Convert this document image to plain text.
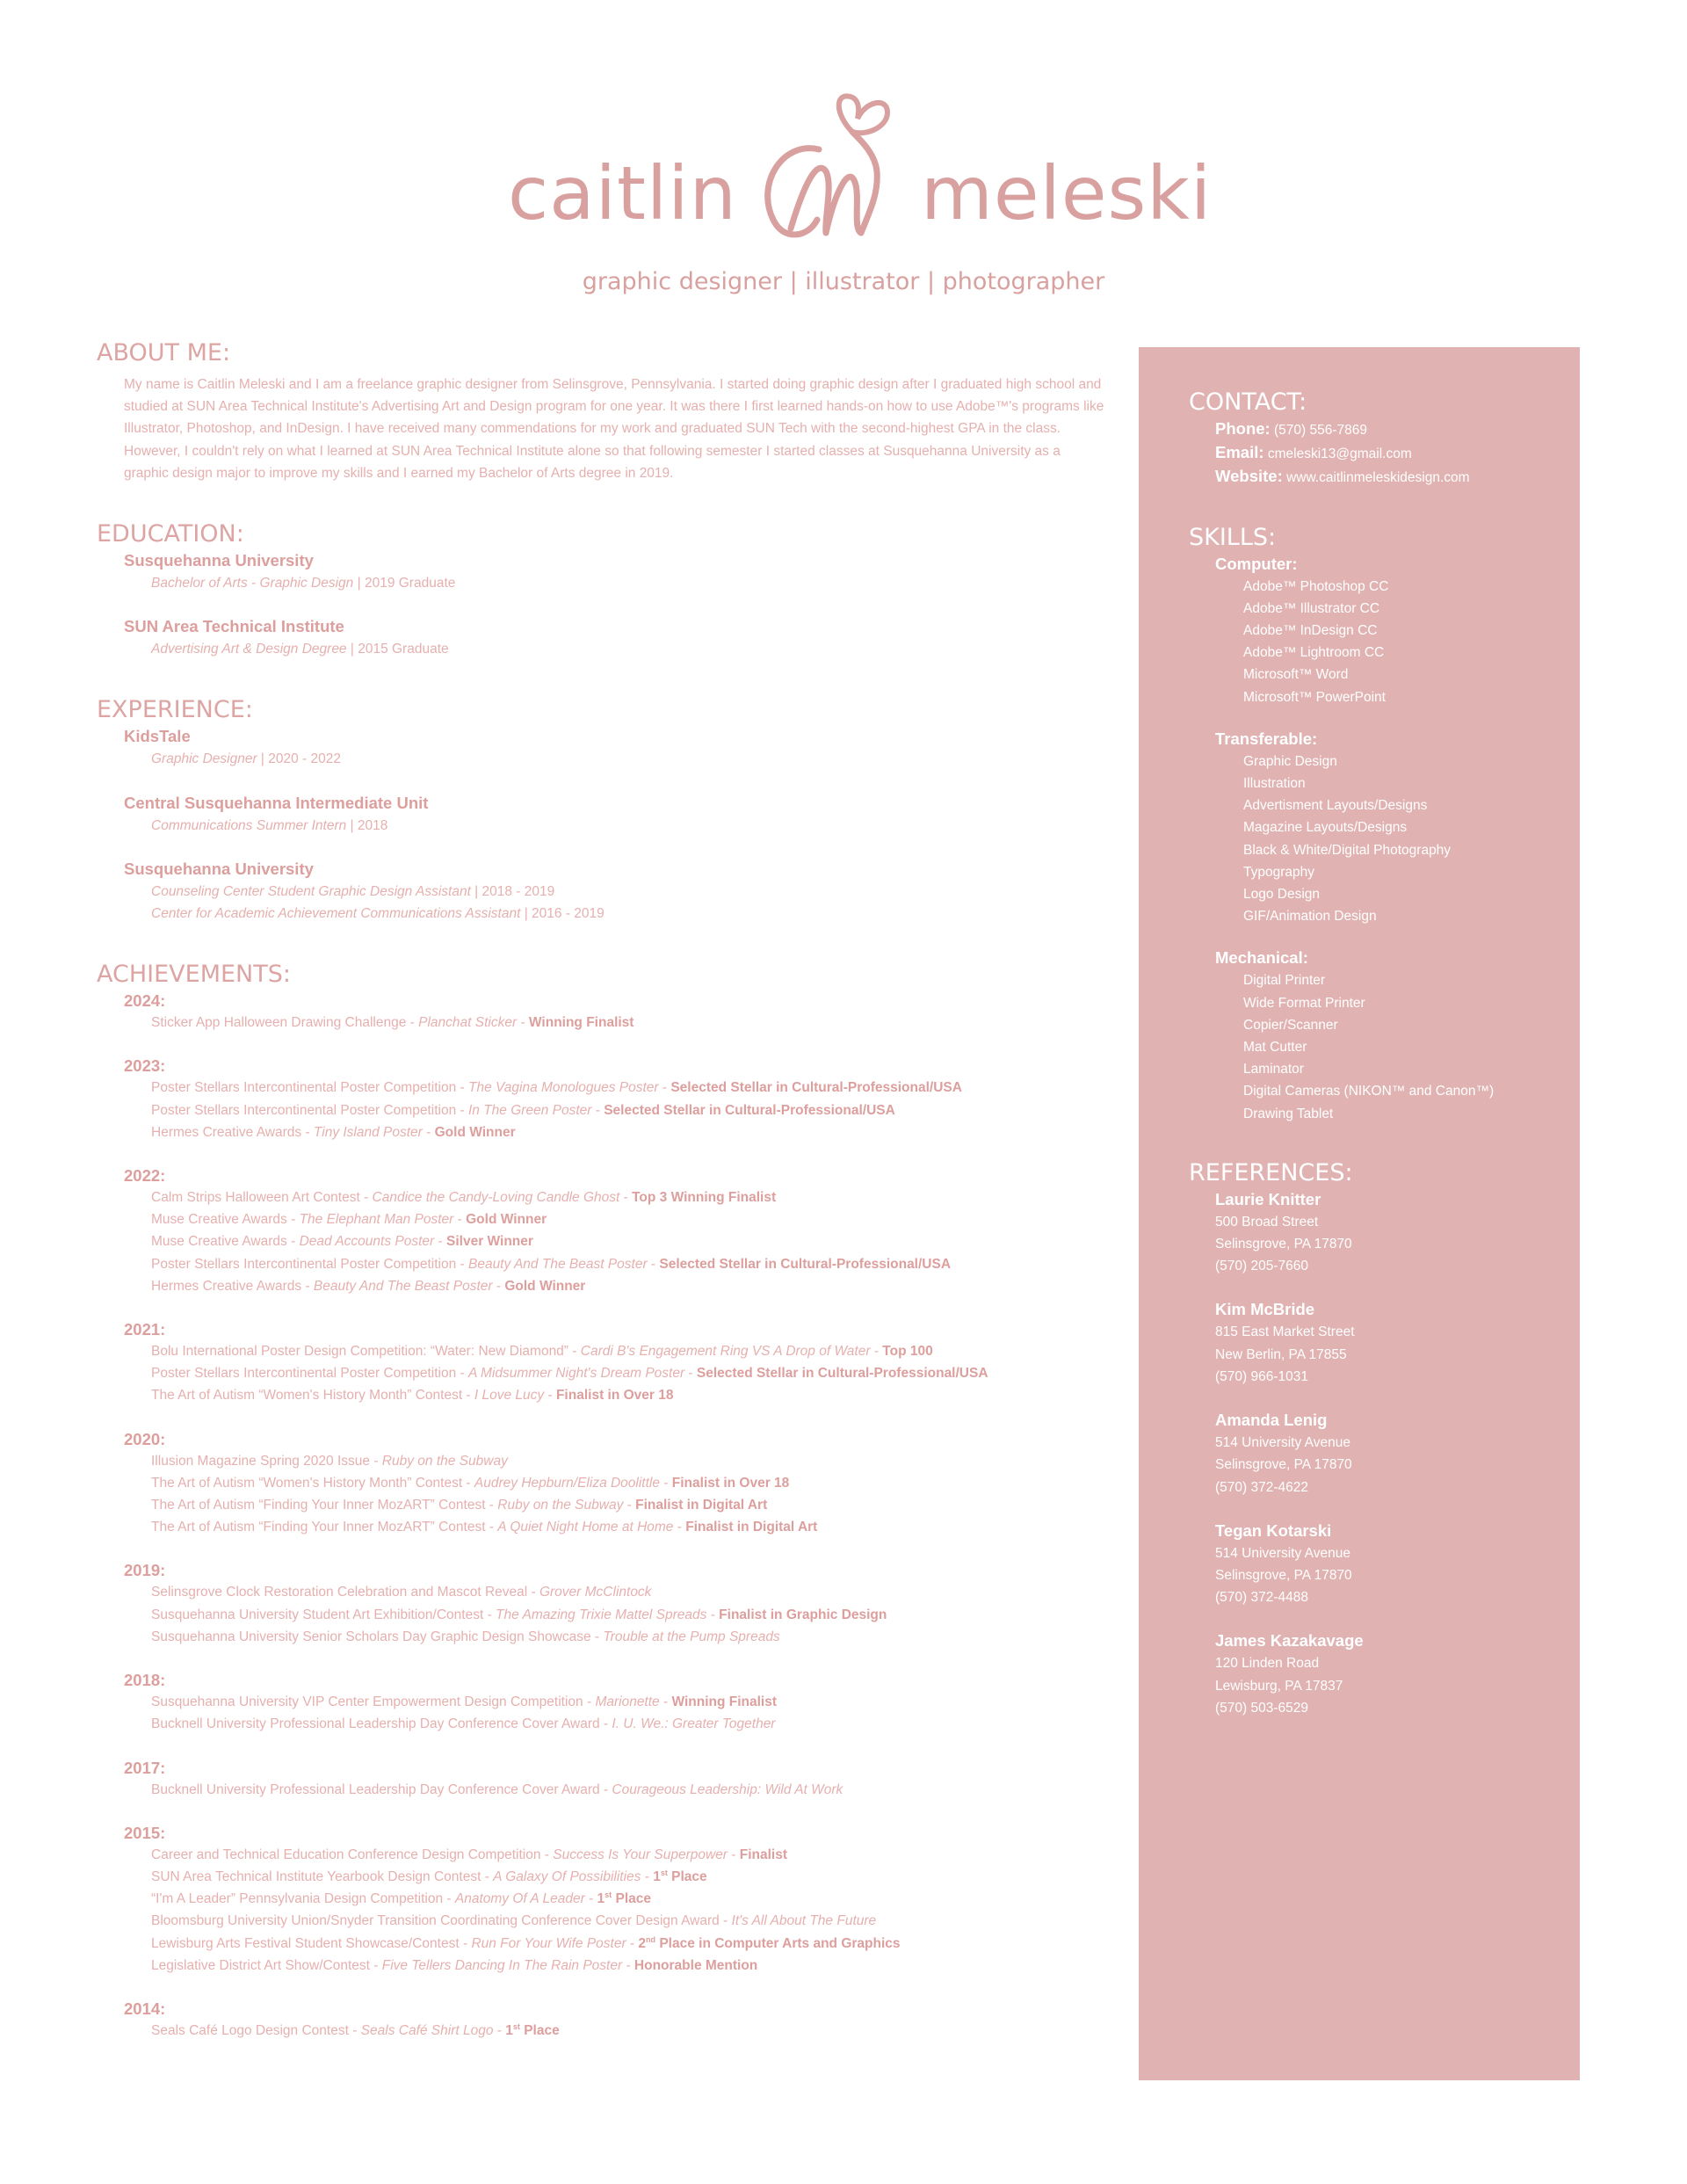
caitlin meleski
graphic designer | illustrator | photographer
ABOUT ME:
My name is Caitlin Meleski and I am a freelance graphic designer from Selinsgrove, Pennsylvania. I started doing graphic design after I graduated high school and studied at SUN Area Technical Institute's Advertising Art and Design program for one year. It was there I first learned hands-on how to use Adobe™'s programs like Illustrator, Photoshop, and InDesign. I have received many commendations for my work and graduated SUN Tech with the second-highest GPA in the class. However, I couldn't rely on what I learned at SUN Area Technical Institute alone so that following semester I started classes at Susquehanna University as a graphic design major to improve my skills and I earned my Bachelor of Arts degree in 2019.
EDUCATION:
Susquehanna University
Bachelor of Arts - Graphic Design | 2019 Graduate
SUN Area Technical Institute
Advertising Art & Design Degree | 2015 Graduate
EXPERIENCE:
KidsTale
Graphic Designer | 2020 - 2022
Central Susquehanna Intermediate Unit
Communications Summer Intern | 2018
Susquehanna University
Counseling Center Student Graphic Design Assistant | 2018 - 2019
Center for Academic Achievement Communications Assistant | 2016 - 2019
ACHIEVEMENTS:
2024:
Sticker App Halloween Drawing Challenge - Planchat Sticker - Winning Finalist
2023:
Poster Stellars Intercontinental Poster Competition - The Vagina Monologues Poster - Selected Stellar in Cultural-Professional/USA
Poster Stellars Intercontinental Poster Competition - In The Green Poster - Selected Stellar in Cultural-Professional/USA
Hermes Creative Awards - Tiny Island Poster - Gold Winner
2022:
Calm Strips Halloween Art Contest - Candice the Candy-Loving Candle Ghost - Top 3 Winning Finalist
Muse Creative Awards - The Elephant Man Poster - Gold Winner
Muse Creative Awards - Dead Accounts Poster - Silver Winner
Poster Stellars Intercontinental Poster Competition - Beauty And The Beast Poster - Selected Stellar in Cultural-Professional/USA
Hermes Creative Awards - Beauty And The Beast Poster - Gold Winner
2021:
Bolu International Poster Design Competition: “Water: New Diamond” - Cardi B's Engagement Ring VS A Drop of Water - Top 100
Poster Stellars Intercontinental Poster Competition - A Midsummer Night's Dream Poster - Selected Stellar in Cultural-Professional/USA
The Art of Autism “Women's History Month” Contest - I Love Lucy - Finalist in Over 18
2020:
Illusion Magazine Spring 2020 Issue - Ruby on the Subway
The Art of Autism “Women's History Month” Contest - Audrey Hepburn/Eliza Doolittle - Finalist in Over 18
The Art of Autism “Finding Your Inner MozART” Contest - Ruby on the Subway - Finalist in Digital Art
The Art of Autism “Finding Your Inner MozART” Contest - A Quiet Night Home at Home - Finalist in Digital Art
2019:
Selinsgrove Clock Restoration Celebration and Mascot Reveal - Grover McClintock
Susquehanna University Student Art Exhibition/Contest - The Amazing Trixie Mattel Spreads - Finalist in Graphic Design
Susquehanna University Senior Scholars Day Graphic Design Showcase - Trouble at the Pump Spreads
2018:
Susquehanna University VIP Center Empowerment Design Competition - Marionette - Winning Finalist
Bucknell University Professional Leadership Day Conference Cover Award - I. U. We.: Greater Together
2017:
Bucknell University Professional Leadership Day Conference Cover Award - Courageous Leadership: Wild At Work
2015:
Career and Technical Education Conference Design Competition - Success Is Your Superpower - Finalist
SUN Area Technical Institute Yearbook Design Contest - A Galaxy Of Possibilities - 1st Place
“I'm A Leader” Pennsylvania Design Competition - Anatomy Of A Leader - 1st Place
Bloomsburg University Union/Snyder Transition Coordinating Conference Cover Design Award - It's All About The Future
Lewisburg Arts Festival Student Showcase/Contest - Run For Your Wife Poster - 2nd Place in Computer Arts and Graphics
Legislative District Art Show/Contest - Five Tellers Dancing In The Rain Poster - Honorable Mention
2014:
Seals Café Logo Design Contest - Seals Café Shirt Logo - 1st Place
CONTACT:
Phone: (570) 556-7869
Email: cmeleski13@gmail.com
Website: www.caitlinmeleskidesign.com
SKILLS:
Computer:
Adobe™ Photoshop CC
Adobe™ Illustrator CC
Adobe™ InDesign CC
Adobe™ Lightroom CC
Microsoft™ Word
Microsoft™ PowerPoint
Transferable:
Graphic Design
Illustration
Advertisment Layouts/Designs
Magazine Layouts/Designs
Black & White/Digital Photography
Typography
Logo Design
GIF/Animation Design
Mechanical:
Digital Printer
Wide Format Printer
Copier/Scanner
Mat Cutter
Laminator
Digital Cameras (NIKON™ and Canon™)
Drawing Tablet
REFERENCES:
Laurie Knitter
500 Broad Street
Selinsgrove, PA 17870
(570) 205-7660
Kim McBride
815 East Market Street
New Berlin, PA 17855
(570) 966-1031
Amanda Lenig
514 University Avenue
Selinsgrove, PA 17870
(570) 372-4622
Tegan Kotarski
514 University Avenue
Selinsgrove, PA 17870
(570) 372-4488
James Kazakavage
120 Linden Road
Lewisburg, PA 17837
(570) 503-6529
